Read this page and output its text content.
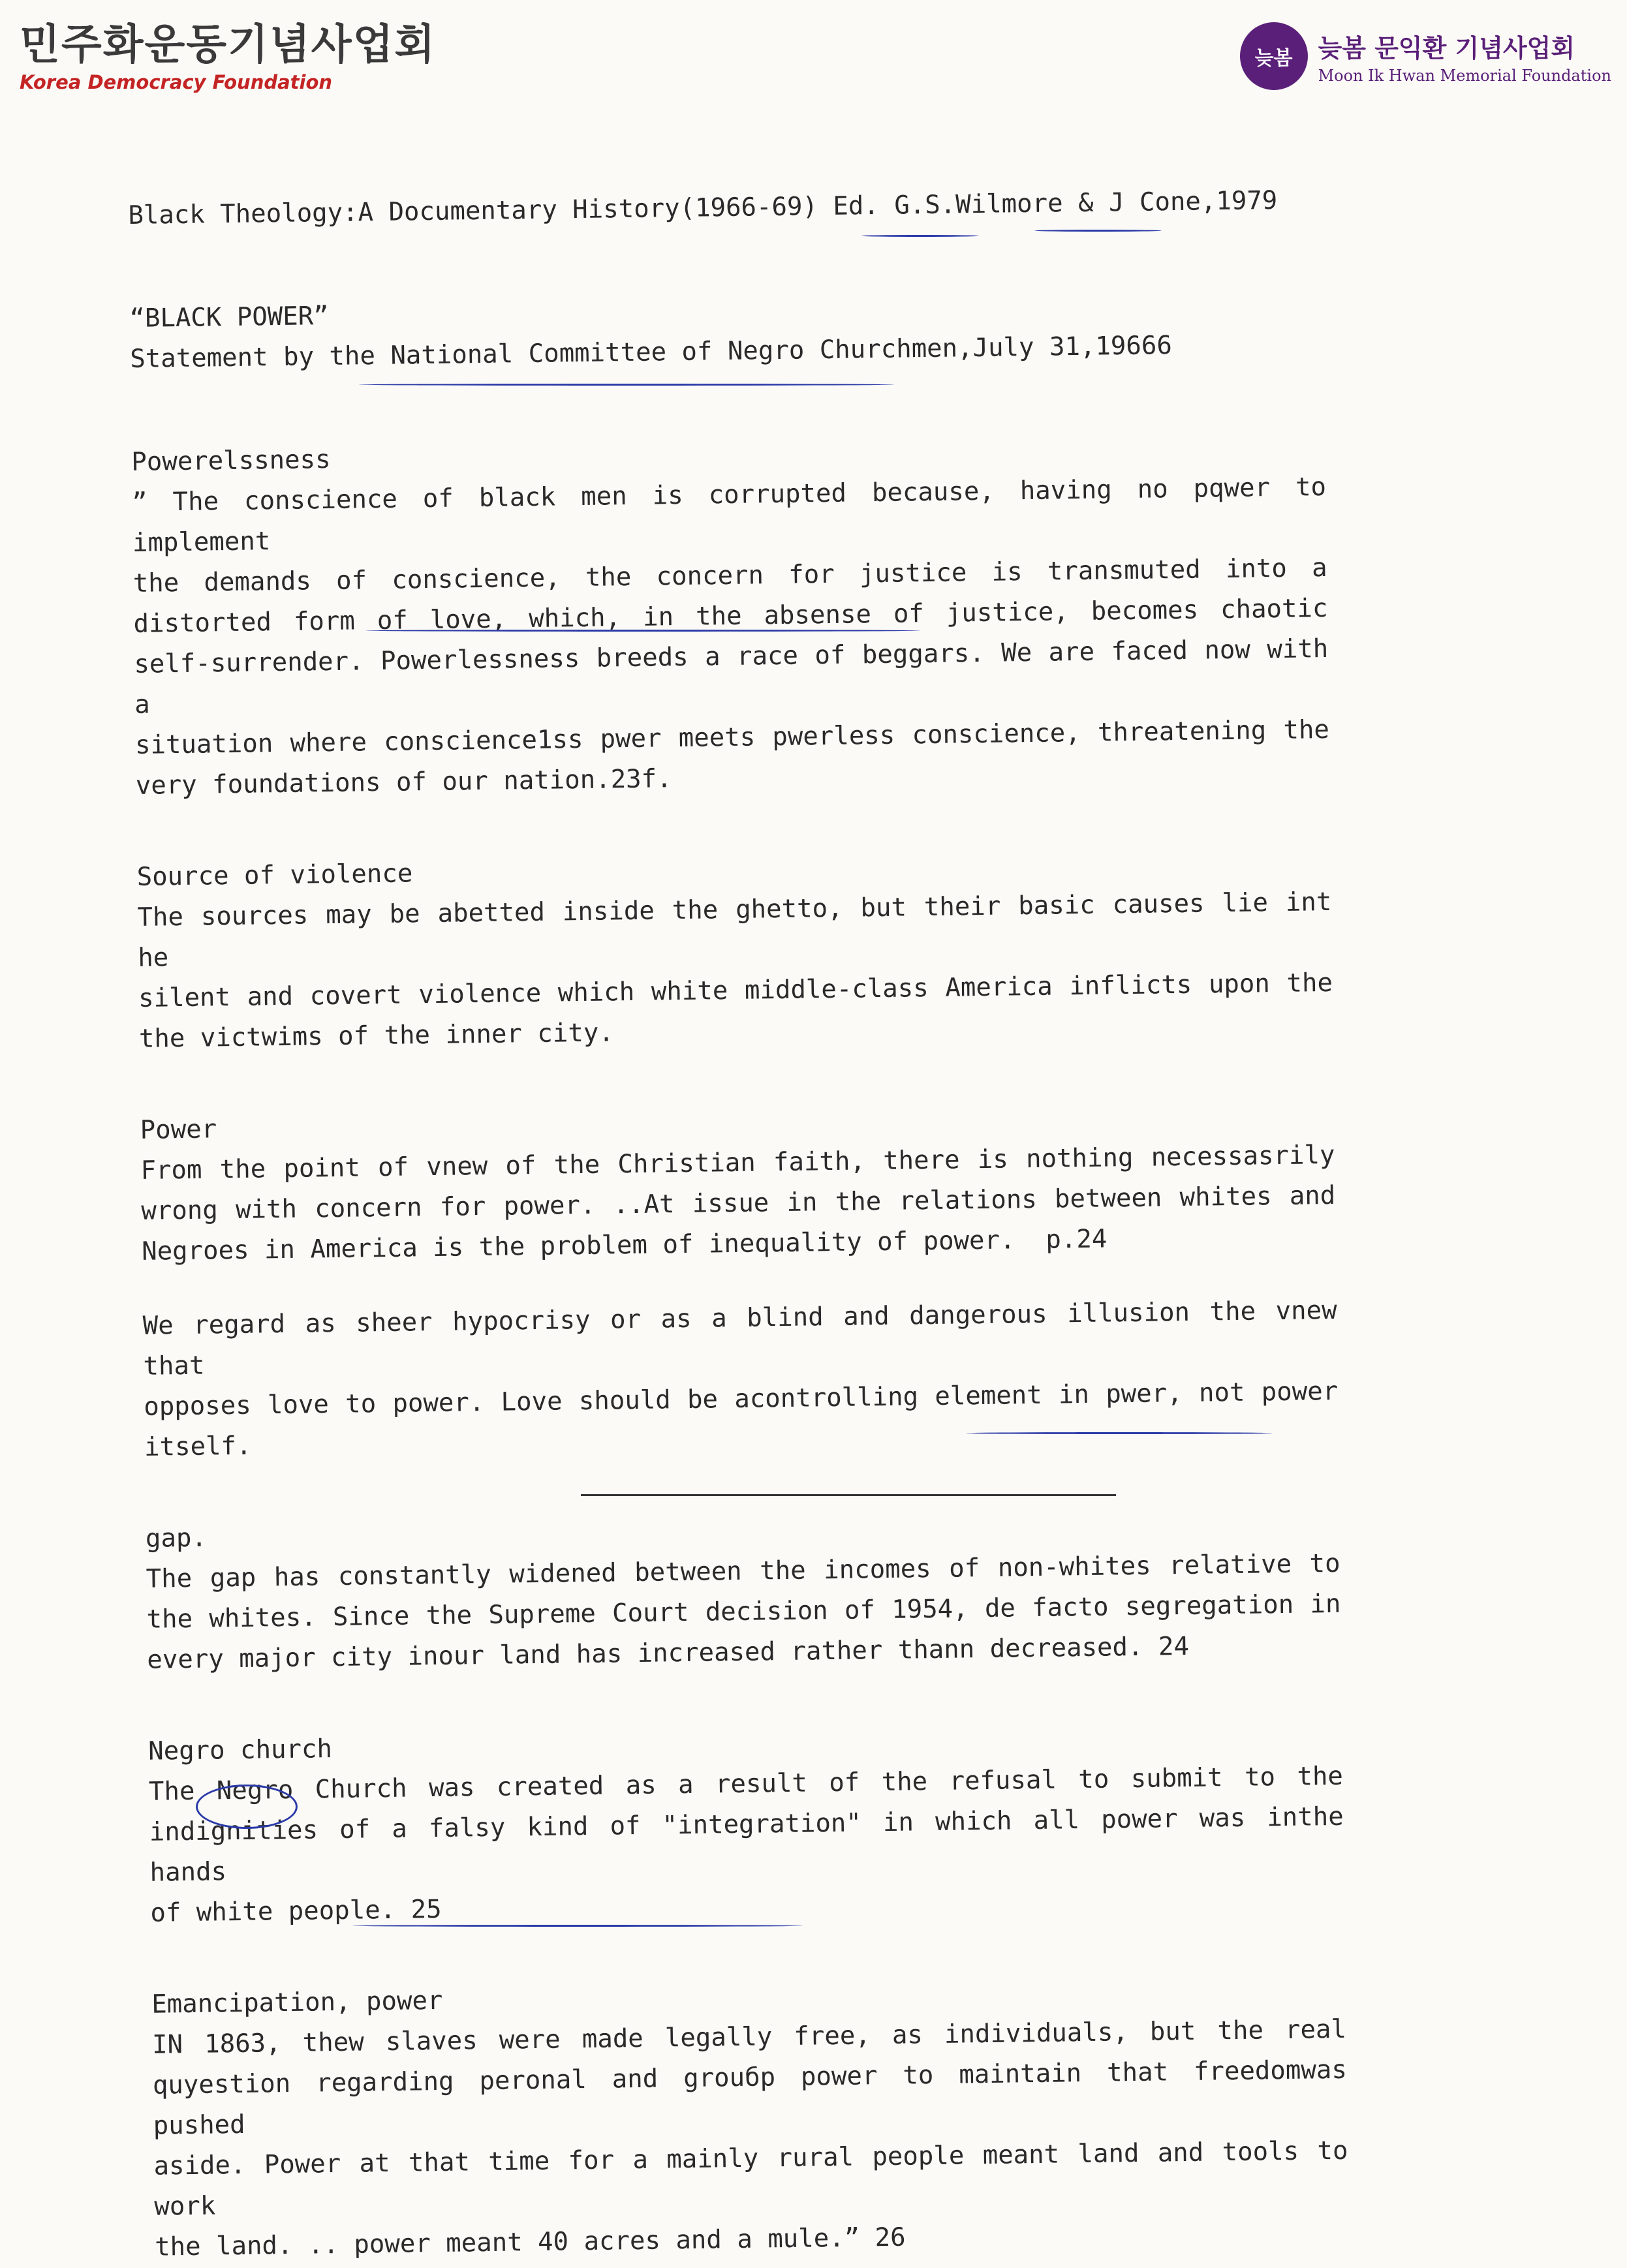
민주화운동기념사업회
Korea Democracy Foundation
늦봄	늦봄 문익환 기념사업회
Moon Ik Hwan Memorial Foundation
Black Theology:A Documentary History(1966-69) Ed. G.S.Wilmore & J Cone,1979
“BLACK POWER”
Statement by the National Committee of Negro Churchmen,July 31,19666
Powerelssness
” The conscience of black men is corrupted because, having no pqwer to implement
the demands of conscience, the concern for justice is transmuted into a
distorted form of love, which, in the absense of justice, becomes chaotic
self-surrender. Powerlessness breeds a race of beggars. We are faced now with a
situation where conscience1ss pwer meets pwerless conscience, threatening the
very foundations of our nation.23f.
Source of violence
The sources may be abetted inside the ghetto, but their basic causes lie int he
silent and covert violence which white middle-class America inflicts upon the
the victwims of the inner city.
Power
From the point of vnew of the Christian faith, there is nothing necessasrily
wrong with concern for power. ..At issue in the relations between whites and
Negroes in America is the problem of inequality of power.  p.24
We regard as sheer hypocrisy or as a blind and dangerous illusion the vnew that
opposes love to power. Love should be acontrolling element in pwer, not power
itself.
gap.
The gap has constantly widened between the incomes of non-whites relative to
the whites. Since the Supreme Court decision of 1954, de facto segregation in
every major city inour land has increased rather thann decreased. 24
Negro church
The Negro Church was created as a result of the refusal to submit to the
indignities of a falsy kind of "integration" in which all power was inthe hands
of white people. 25
Emancipation, power
IN 1863, thew slaves were made legally free, as individuals, but the real
quyestion regarding peronal and grouбp power to maintain that freedomwas pushed
aside. Power at that time for a mainly rural people meant land and tools to work
the land. .. power meant 40 acres and a mule.” 26
